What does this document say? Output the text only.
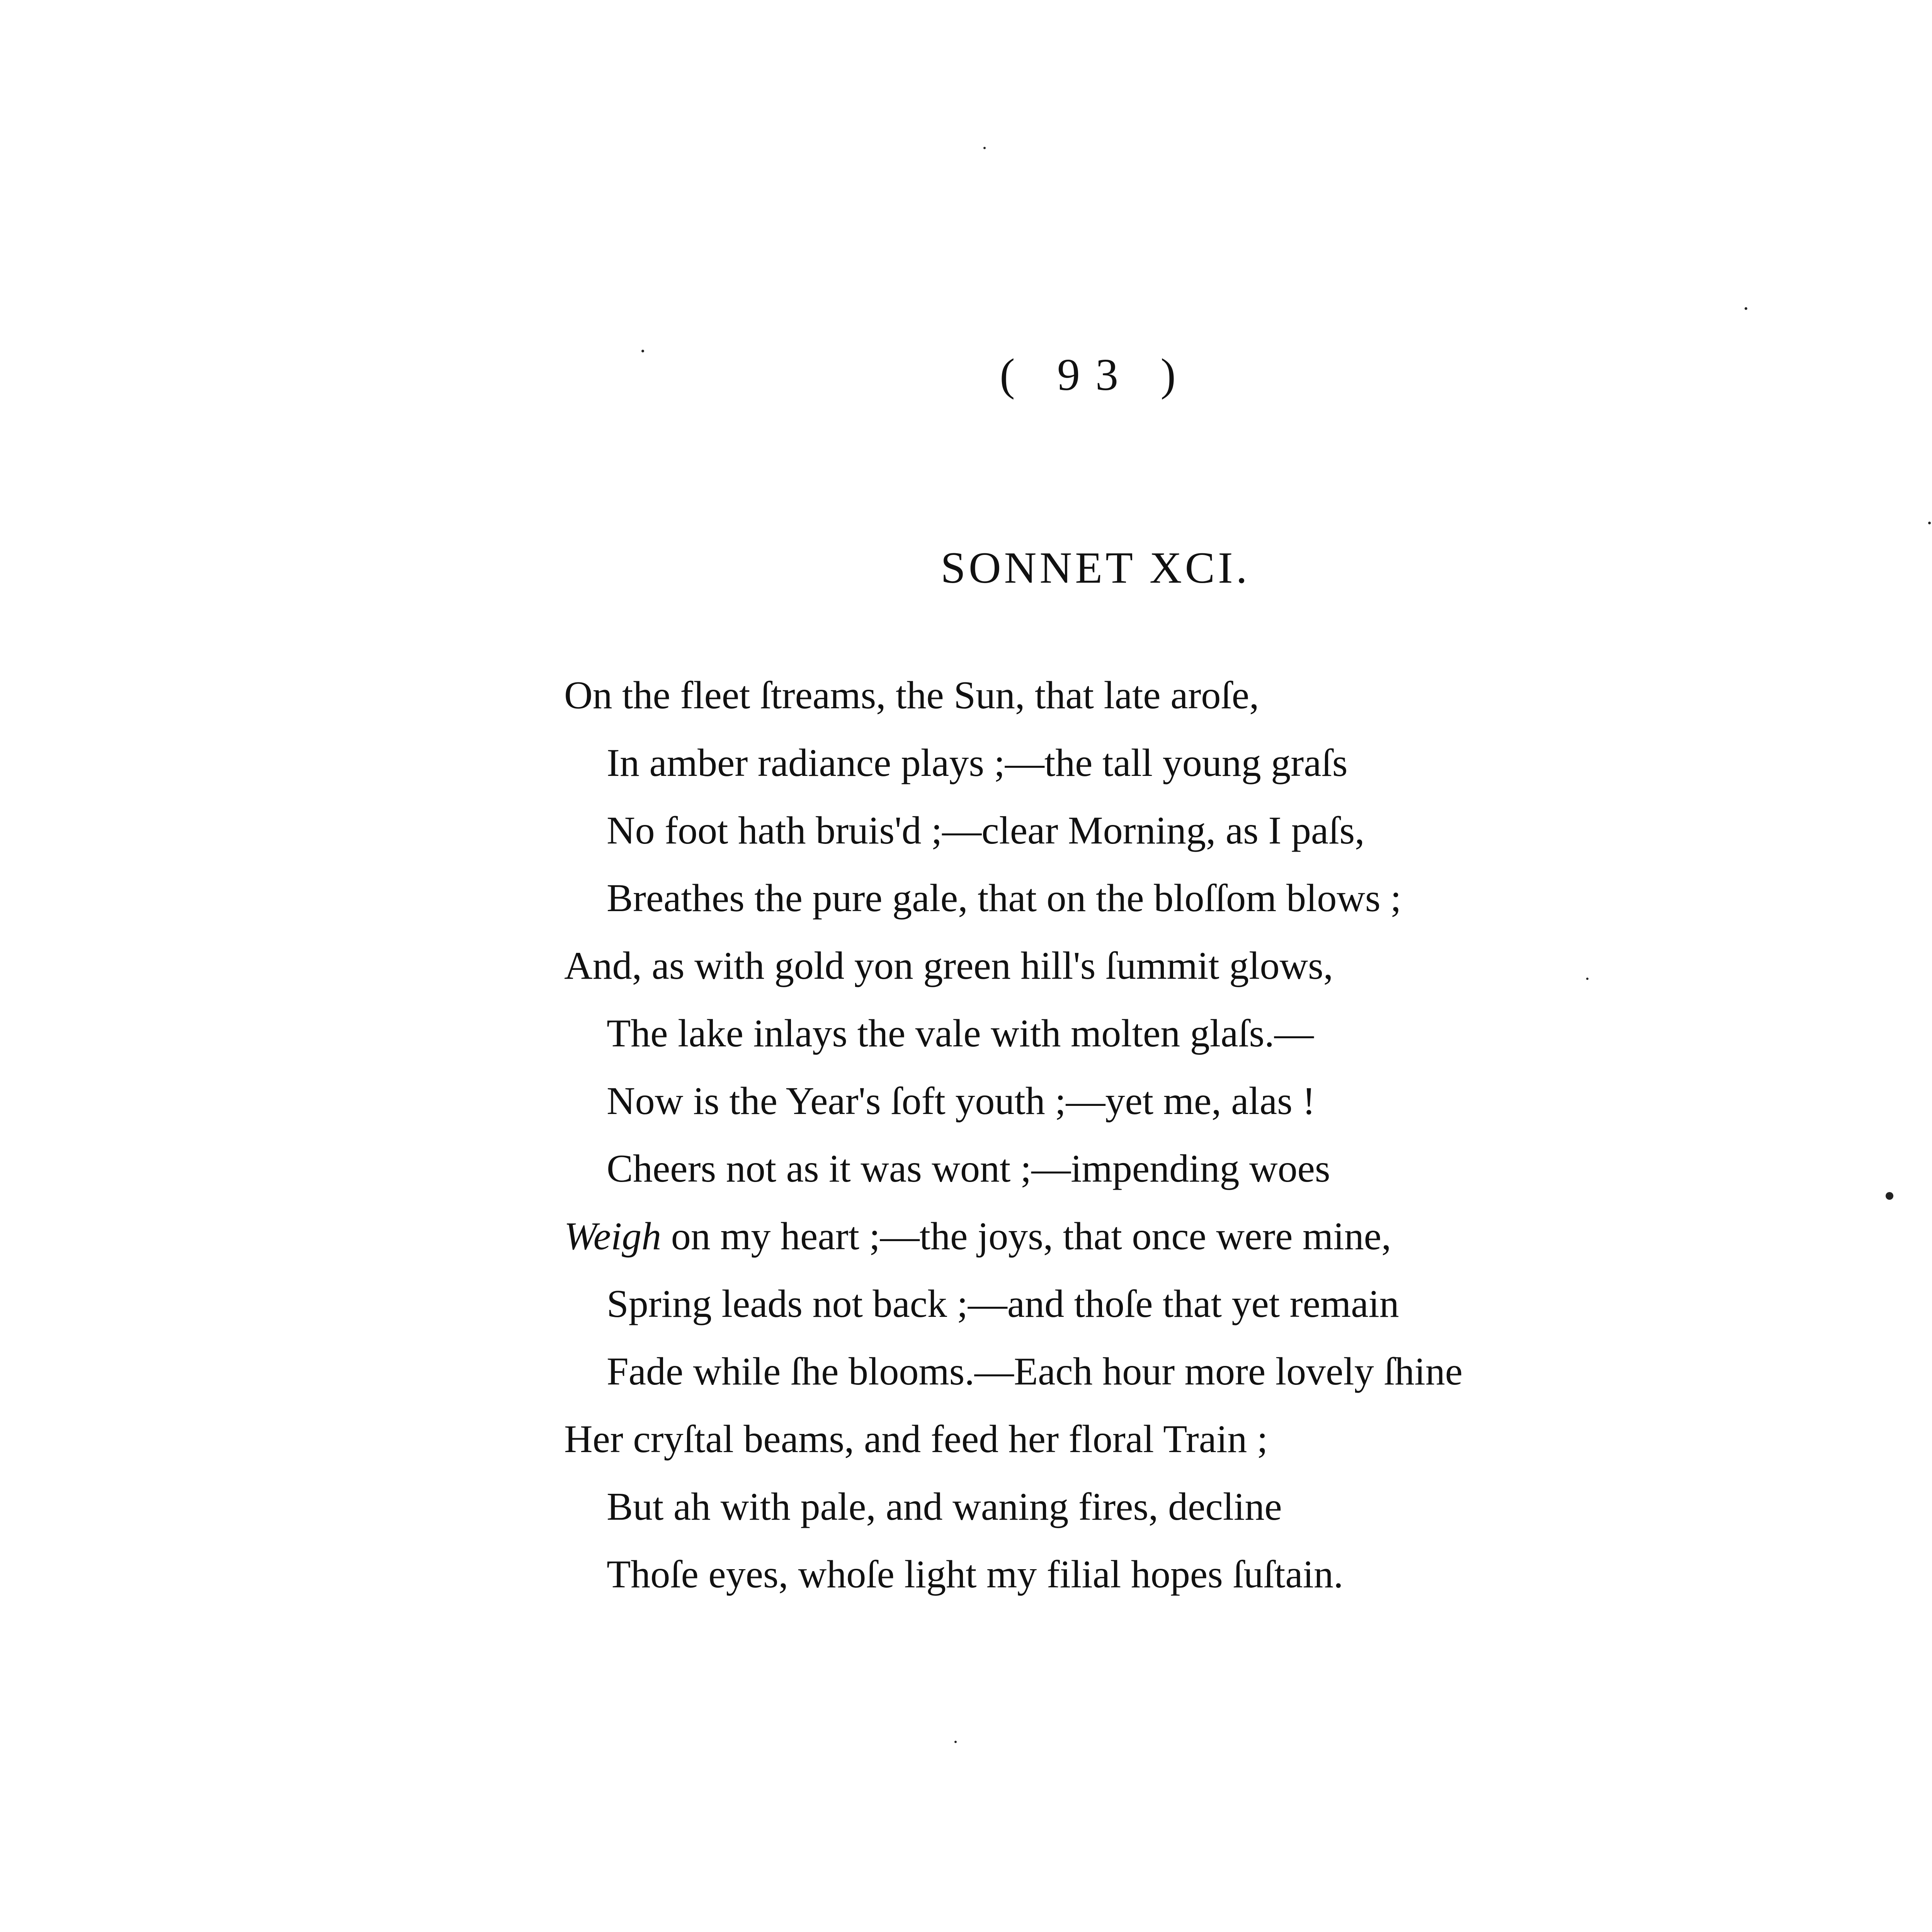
( 93 )
SONNET XCI.
On the fleet ſtreams, the Sun, that late aroſe,
In amber radiance plays ;—the tall young graſs
No foot hath bruis'd ;—clear Morning, as I paſs,
Breathes the pure gale, that on the bloſſom blows ;
And, as with gold yon green hill's ſummit glows,
The lake inlays the vale with molten glaſs.—
Now is the Year's ſoft youth ;—yet me, alas !
Cheers not as it was wont ;—impending woes
Weigh on my heart ;—the joys, that once were mine,
Spring leads not back ;—and thoſe that yet remain
Fade while ſhe blooms.—Each hour more lovely ſhine
Her cryſtal beams, and feed her floral Train ;
But ah with pale, and waning fires, decline
Thoſe eyes, whoſe light my filial hopes ſuſtain.
